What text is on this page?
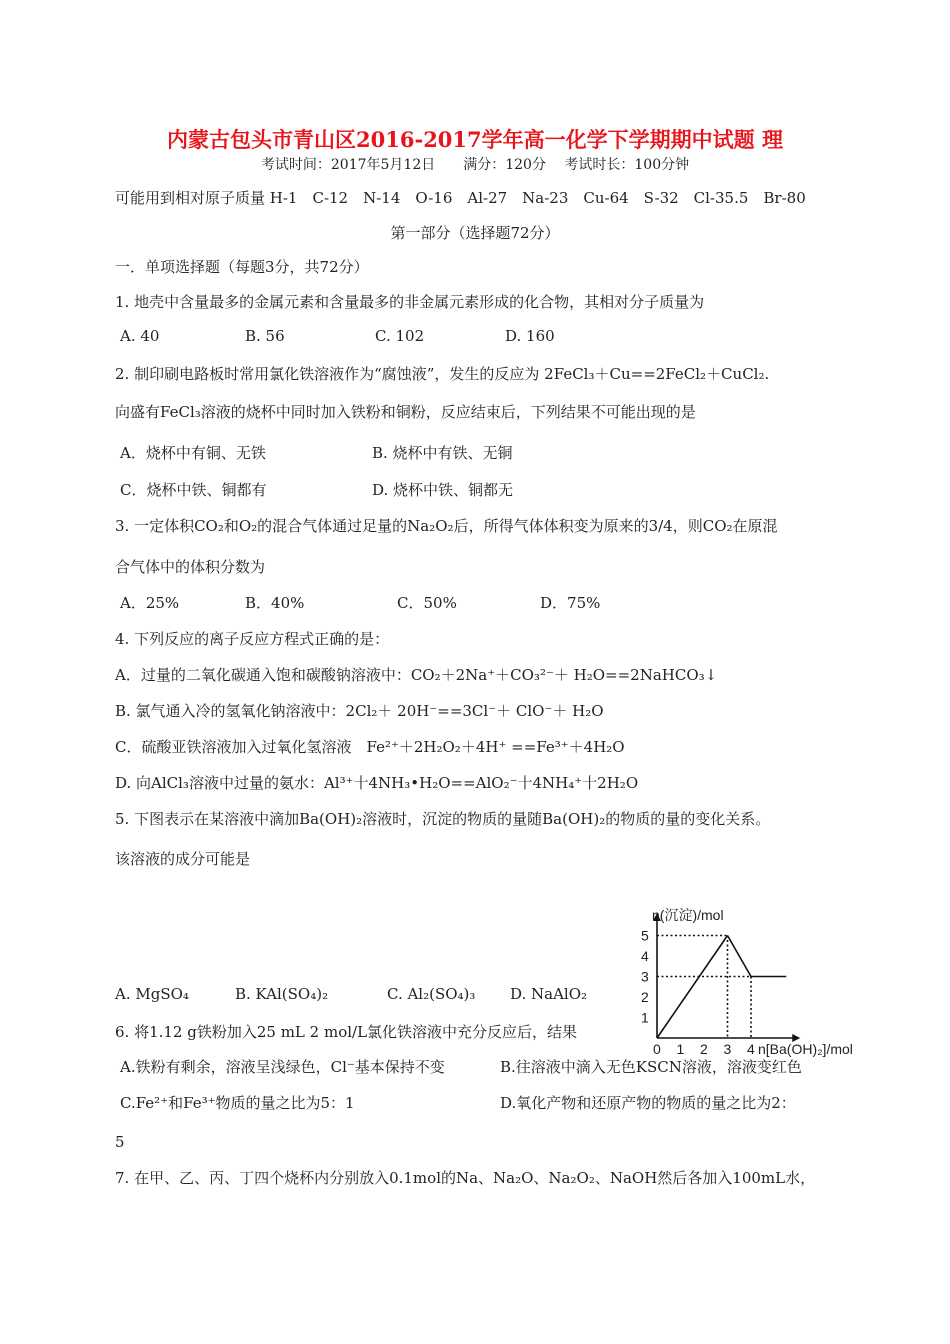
内蒙古包头市青山区2016-2017学年高一化学下学期期中试题 理
考试时间：2017年5月12日　　满分：120分　 考试时长：100分钟
可能用到相对原子质量 H-1　C-12　N-14　O-16　Al-27　Na-23　Cu-64　S-32　Cl-35.5　Br-80
第一部分（选择题72分）
一．单项选择题（每题3分，共72分）
1. 地壳中含量最多的金属元素和含量最多的非金属元素形成的化合物，其相对分子质量为
A. 40	B. 56	C. 102	D. 160
2. 制印刷电路板时常用氯化铁溶液作为“腐蚀液”，发生的反应为 2FeCl₃＋Cu==2FeCl₂＋CuCl₂.
向盛有FeCl₃溶液的烧杯中同时加入铁粉和铜粉，反应结束后，下列结果不可能出现的是
A．烧杯中有铜、无铁	B. 烧杯中有铁、无铜
C．烧杯中铁、铜都有	D. 烧杯中铁、铜都无
3. 一定体积CO₂和O₂的混合气体通过足量的Na₂O₂后，所得气体体积变为原来的3/4，则CO₂在原混
合气体中的体积分数为
A．25%	B．40%	C．50%	D．75%
4. 下列反应的离子反应方程式正确的是：
A．过量的二氧化碳通入饱和碳酸钠溶液中：CO₂＋2Na⁺＋CO₃²⁻＋ H₂O==2NaHCO₃↓
B. 氯气通入冷的氢氧化钠溶液中：2Cl₂＋ 20H⁻==3Cl⁻＋ ClO⁻＋ H₂O
C．硫酸亚铁溶液加入过氧化氢溶液　Fe²⁺＋2H₂O₂＋4H⁺ ==Fe³⁺＋4H₂O
D. 向AlCl₃溶液中过量的氨水：Al³⁺十4NH₃•H₂O==AlO₂⁻十4NH₄⁺十2H₂O
5. 下图表示在某溶液中滴加Ba(OH)₂溶液时，沉淀的物质的量随Ba(OH)₂的物质的量的变化关系。
该溶液的成分可能是
A. MgSO₄	B. KAl(SO₄)₂	C. Al₂(SO₄)₃ D. NaAlO₂
0 1 2 3 4
1
2
3
4
5
n(沉淀)/mol
n[Ba(OH)₂]/mol
6. 将1.12 g铁粉加入25 mL 2 mol/L氯化铁溶液中充分反应后，结果
A.铁粉有剩余，溶液呈浅绿色，Cl⁻基本保持不变	B.往溶液中滴入无色KSCN溶液，溶液变红色
C.Fe²⁺和Fe³⁺物质的量之比为5：1	D.氧化产物和还原产物的物质的量之比为2：
5
7. 在甲、乙、丙、丁四个烧杯内分别放入0.1mol的Na、Na₂O、Na₂O₂、NaOH然后各加入100mL水，
